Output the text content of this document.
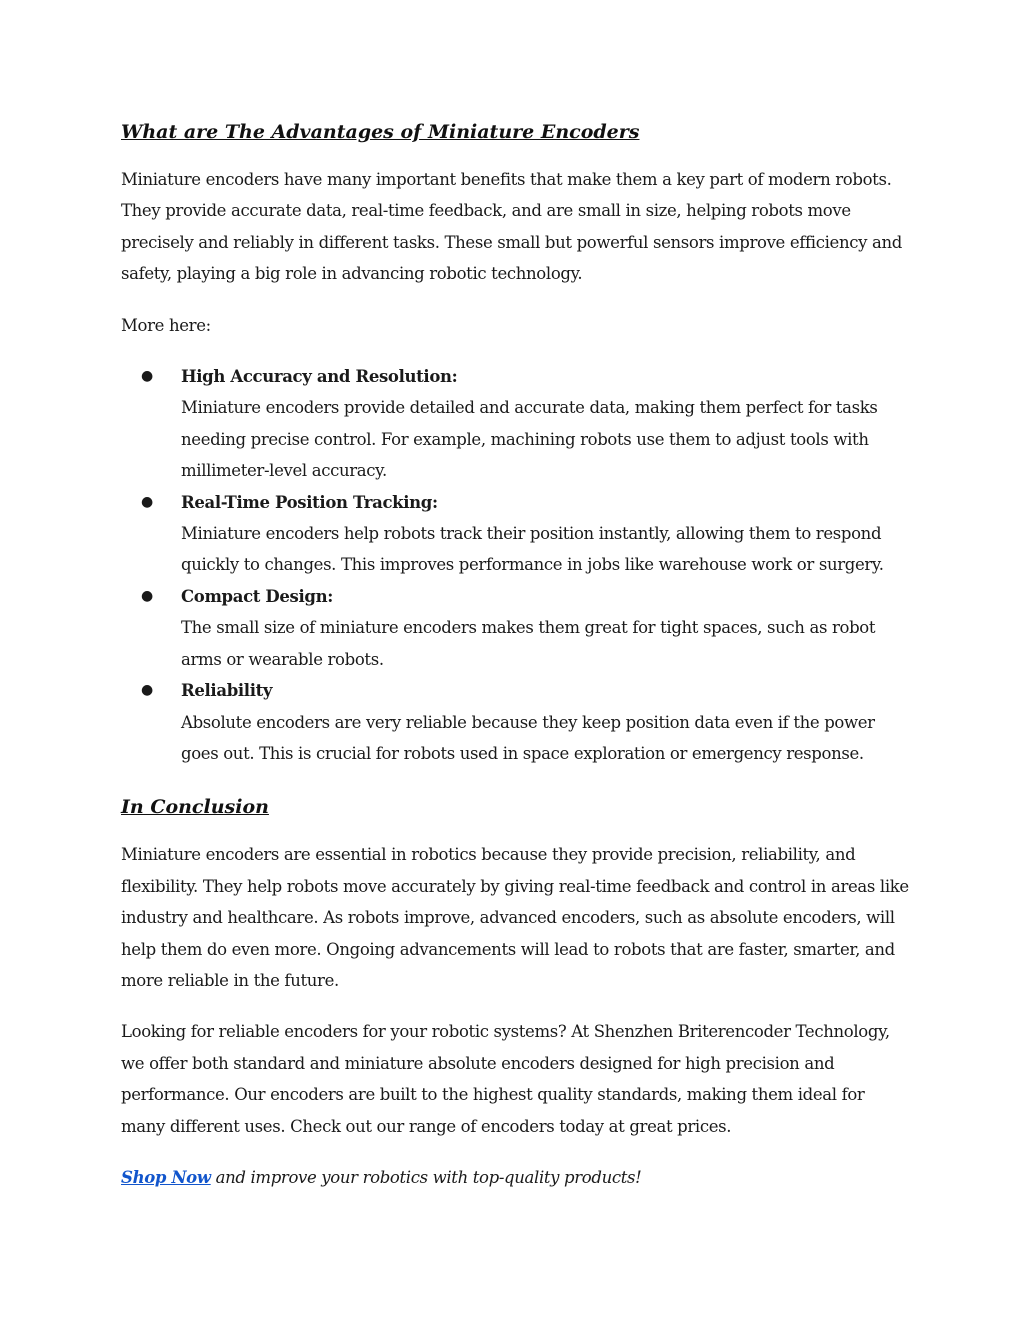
What are The Advantages of Miniature Encoders

Miniature encoders have many important benefits that make them a key part of modern robots. They provide accurate data, real-time feedback, and are small in size, helping robots move precisely and reliably in different tasks. These small but powerful sensors improve efficiency and safety, playing a big role in advancing robotic technology.

More here:

● High Accuracy and Resolution:
Miniature encoders provide detailed and accurate data, making them perfect for tasks needing precise control. For example, machining robots use them to adjust tools with millimeter-level accuracy.
● Real-Time Position Tracking:
Miniature encoders help robots track their position instantly, allowing them to respond quickly to changes. This improves performance in jobs like warehouse work or surgery.
● Compact Design:
The small size of miniature encoders makes them great for tight spaces, such as robot arms or wearable robots.
● Reliability
Absolute encoders are very reliable because they keep position data even if the power goes out. This is crucial for robots used in space exploration or emergency response.
In Conclusion

Miniature encoders are essential in robotics because they provide precision, reliability, and flexibility. They help robots move accurately by giving real-time feedback and control in areas like industry and healthcare. As robots improve, advanced encoders, such as absolute encoders, will help them do even more. Ongoing advancements will lead to robots that are faster, smarter, and more reliable in the future.

Looking for reliable encoders for your robotic systems? At Shenzhen Briterencoder Technology, we offer both standard and miniature absolute encoders designed for high precision and performance. Our encoders are built to the highest quality standards, making them ideal for many different uses. Check out our range of encoders today at great prices.

Shop Now and improve your robotics with top-quality products!
